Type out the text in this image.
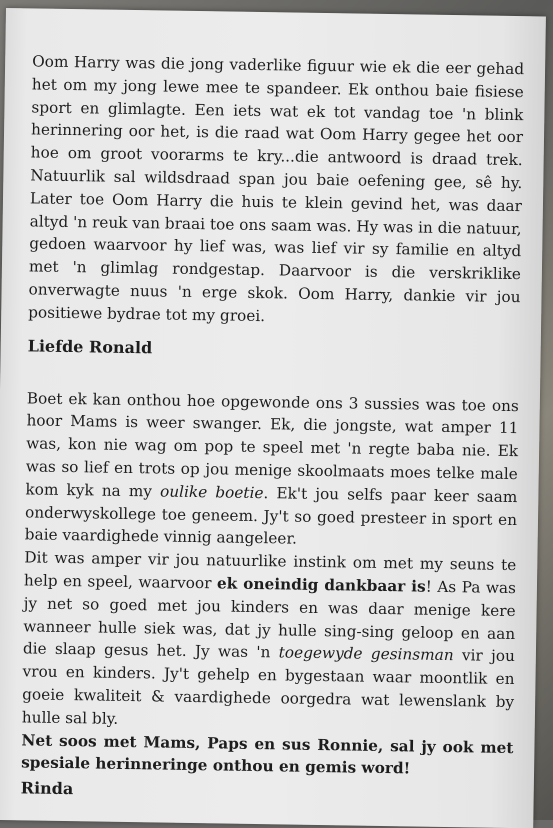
Oom Harry was die jong vaderlike figuur wie ek die eer gehad het om my jong lewe mee te spandeer. Ek onthou baie fisiese sport en glimlagte. Een iets wat ek tot vandag toe 'n blink herinnering oor het, is die raad wat Oom Harry gegee het oor hoe om groot voorarms te kry...die antwoord is draad trek. Natuurlik sal wildsdraad span jou baie oefening gee, sê hy. Later toe Oom Harry die huis te klein gevind het, was daar altyd 'n reuk van braai toe ons saam was. Hy was in die natuur, gedoen waarvoor hy lief was, was lief vir sy familie en altyd met 'n glimlag rondgestap. Daarvoor is die verskriklike onverwagte nuus 'n erge skok. Oom Harry, dankie vir jou positiewe bydrae tot my groei.

Liefde Ronald

Boet ek kan onthou hoe opgewonde ons 3 sussies was toe ons hoor Mams is weer swanger. Ek, die jongste, wat amper 11 was, kon nie wag om pop te speel met 'n regte baba nie. Ek was so lief en trots op jou menige skoolmaats moes telke male kom kyk na my oulike boetie. Ek't jou selfs paar keer saam onderwyskollege toe geneem. Jy't so goed presteer in sport en baie vaardighede vinnig aangeleer.

Dit was amper vir jou natuurlike instink om met my seuns te help en speel, waarvoor ek oneindig dankbaar is! As Pa was jy net so goed met jou kinders en was daar menige kere wanneer hulle siek was, dat jy hulle sing-sing geloop en aan die slaap gesus het. Jy was 'n toegewyde gesinsman vir jou vrou en kinders. Jy't gehelp en bygestaan waar moontlik en goeie kwaliteit & vaardighede oorgedra wat lewenslank by hulle sal bly.

Net soos met Mams, Paps en sus Ronnie, sal jy ook met spesiale herinneringe onthou en gemis word!

Rinda
